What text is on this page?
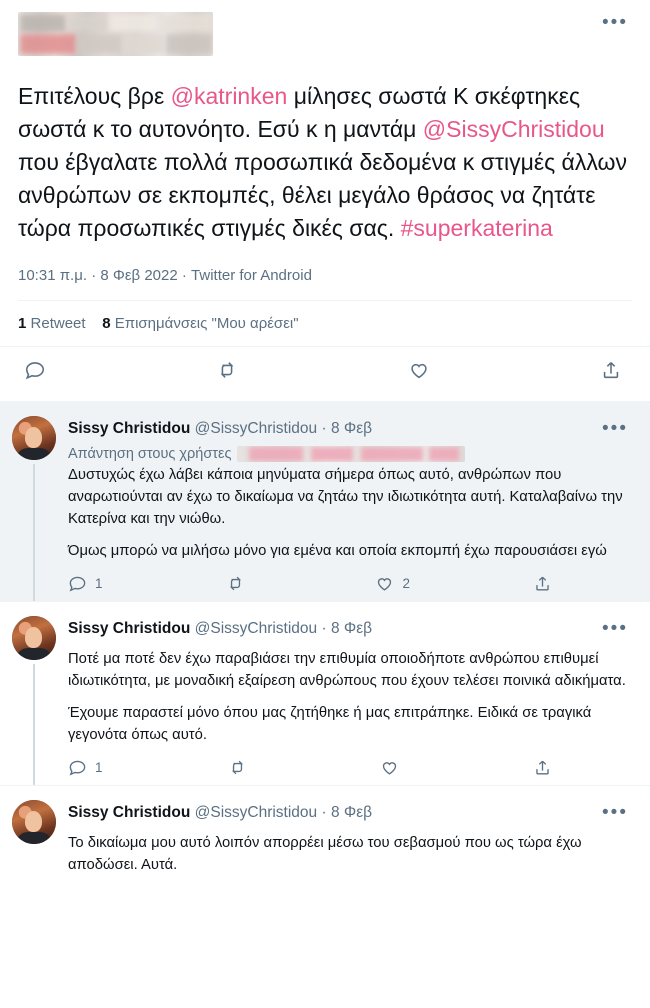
•••
Επιτέλους βρε @katrinken μίλησες σωστά Κ σκέφτηκες σωστά κ το αυτονόητο. Εσύ κ η μαντάμ @SissyChristidou που έβγαλατε πολλά προσωπικά δεδομένα κ στιγμές άλλων ανθρώπων σε εκπομπές, θέλει μεγάλο θράσος να ζητάτε τώρα προσωπικές στιγμές δικές σας. #superkaterina
10:31 π.μ. · 8 Φεβ 2022 · Twitter for Android
1 Retweet 8 Επισημάνσεις "Μου αρέσει"
Sissy Christidou @SissyChristidou · 8 Φεβ	•••
Απάντηση στους χρήστες

Δυστυχώς έχω λάβει κάποια μηνύματα σήμερα όπως αυτό, ανθρώπων που αναρωτιούνται αν έχω το δικαίωμα να ζητάω την ιδιωτικότητα αυτή. Καταλαβαίνω την Κατερίνα και την νιώθω.

Όμως μπορώ να μιλήσω μόνο για εμένα και οποία εκπομπή έχω παρουσιάσει εγώ

1	2
Sissy Christidou @SissyChristidou · 8 Φεβ	•••

Ποτέ μα ποτέ δεν έχω παραβιάσει την επιθυμία οποιοδήποτε ανθρώπου επιθυμεί ιδιωτικότητα, με μοναδική εξαίρεση ανθρώπους που έχουν τελέσει ποινικά αδικήματα.

Έχουμε παραστεί μόνο όπου μας ζητήθηκε ή μας επιτράπηκε. Ειδικά σε τραγικά γεγονότα όπως αυτό.

1
Sissy Christidou @SissyChristidou · 8 Φεβ	•••

Το δικαίωμα μου αυτό λοιπόν απορρέει μέσω του σεβασμού που ως τώρα έχω αποδώσει. Αυτά.
